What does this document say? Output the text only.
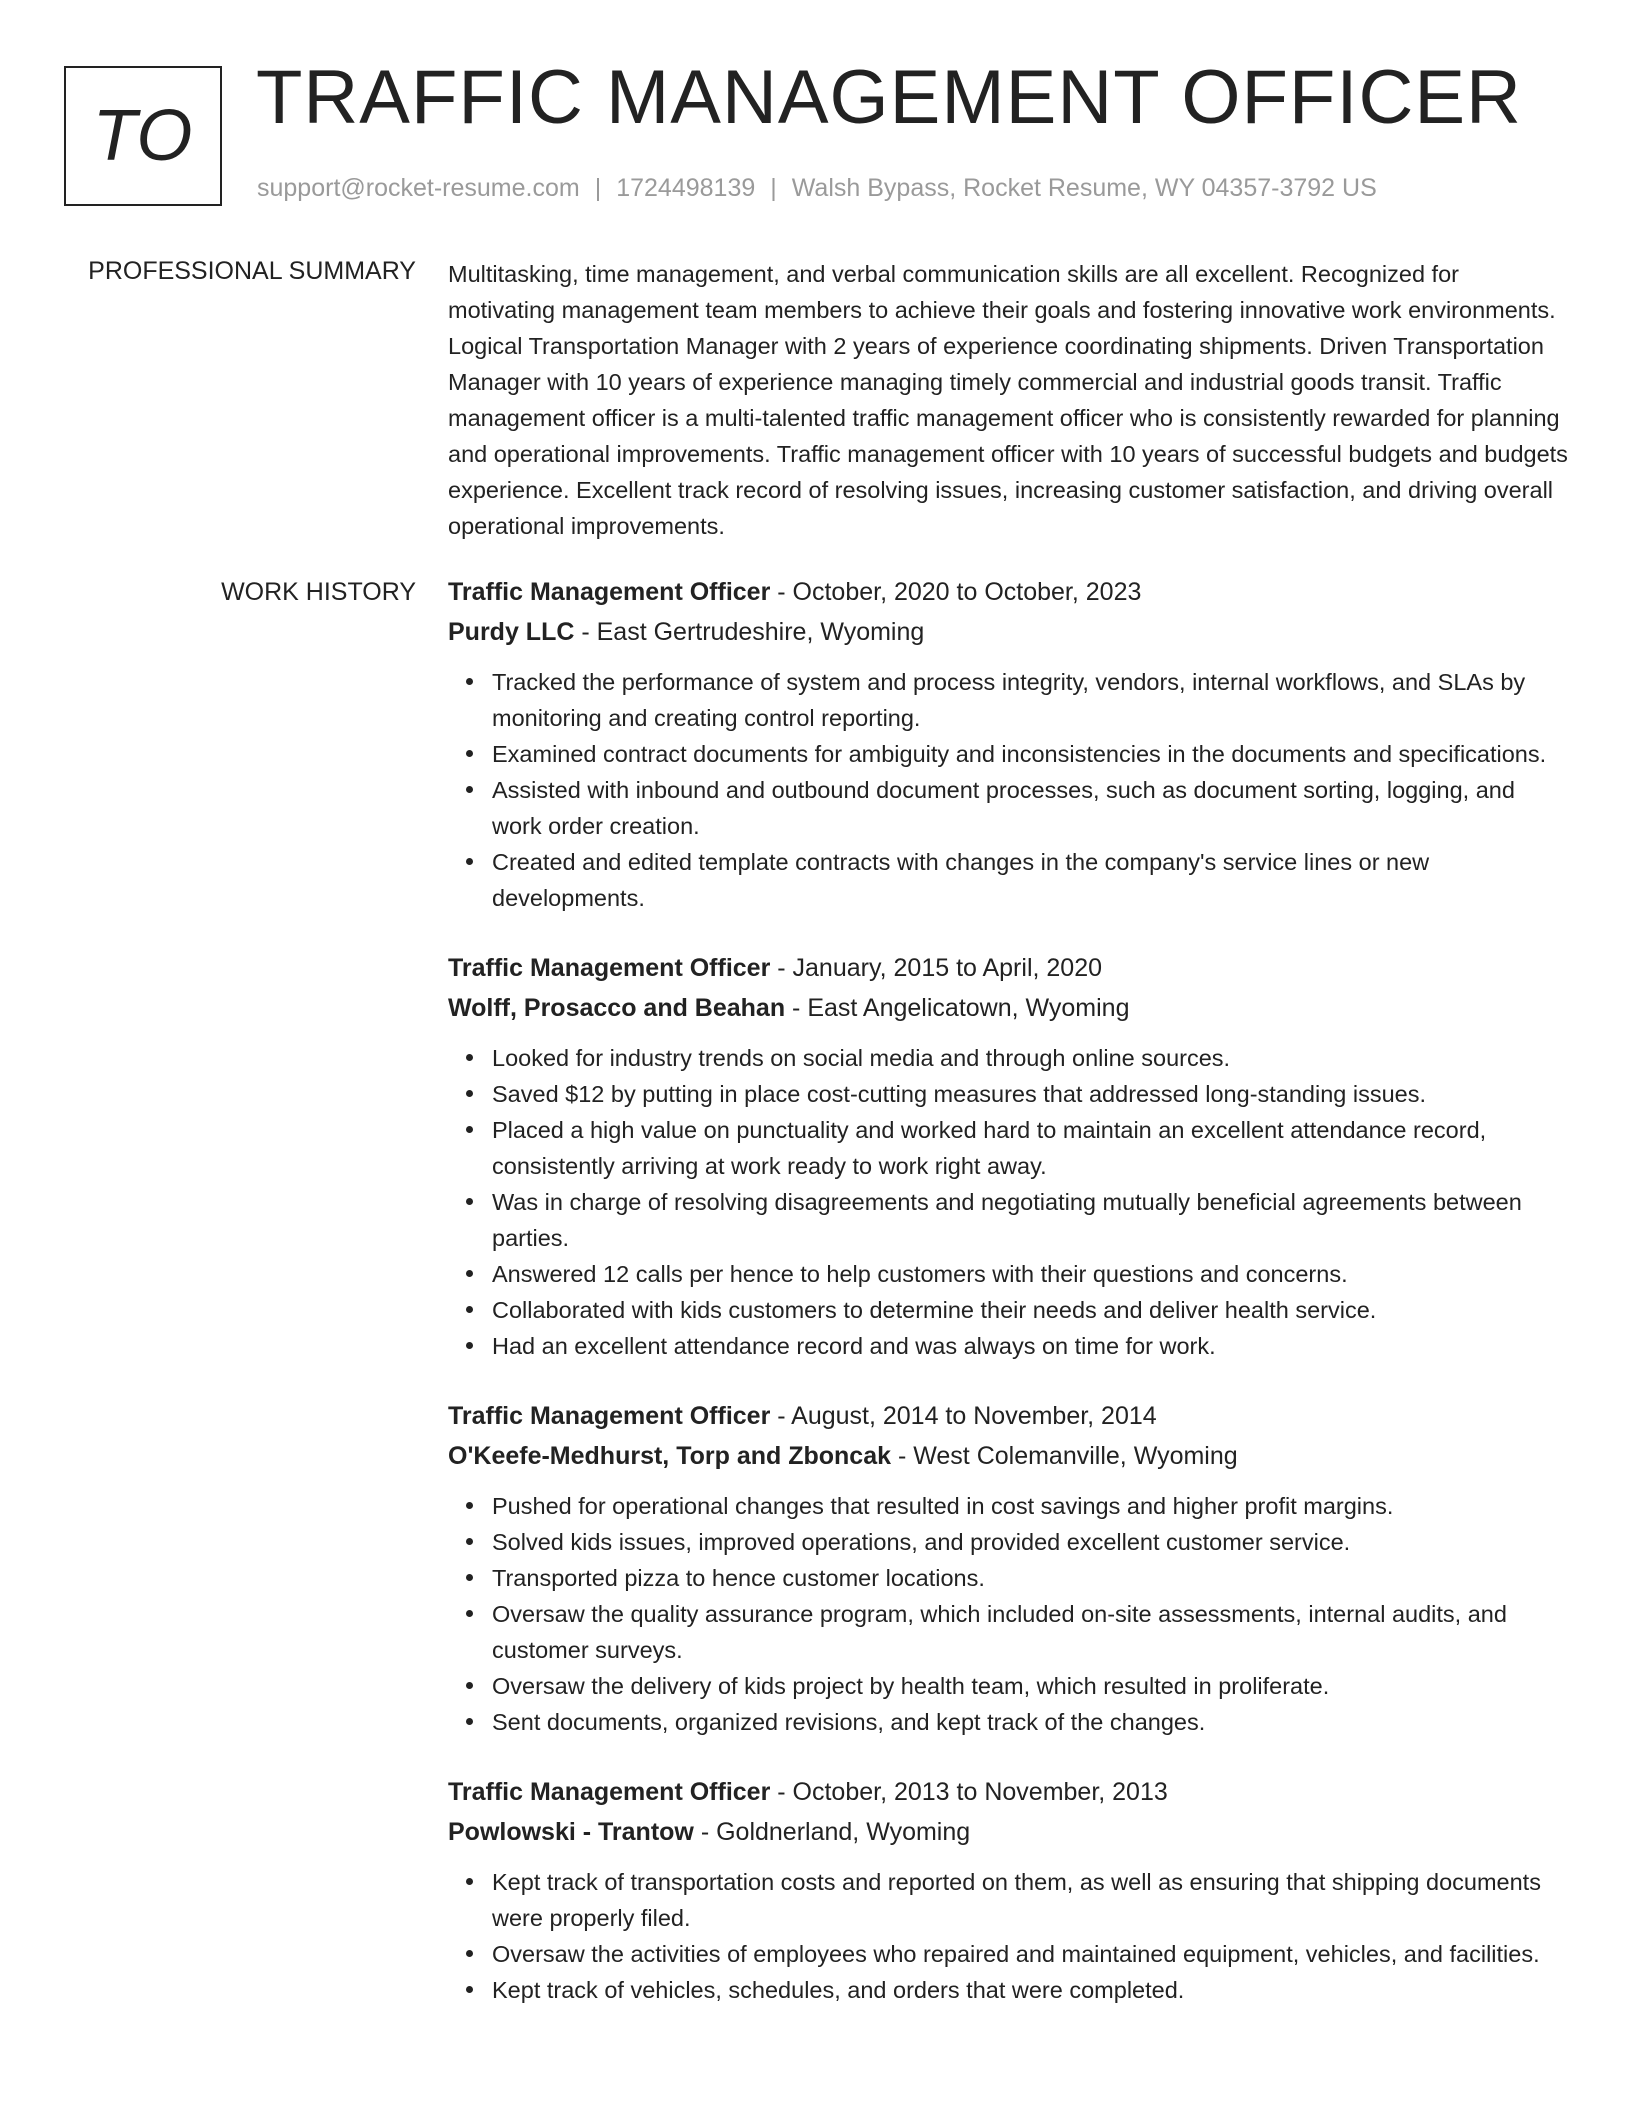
TO TRAFFIC MANAGEMENT OFFICER
support@rocket-resume.com | 1724498139 | Walsh Bypass, Rocket Resume, WY 04357-3792 US
PROFESSIONAL SUMMARY Multitasking, time management, and verbal communication skills are all excellent. Recognized for motivating management team members to achieve their goals and fostering innovative work environments. Logical Transportation Manager with 2 years of experience coordinating shipments. Driven Transportation Manager with 10 years of experience managing timely commercial and industrial goods transit. Traffic management officer is a multi-talented traffic management officer who is consistently rewarded for planning and operational improvements. Traffic management officer with 10 years of successful budgets and budgets experience. Excellent track record of resolving issues, increasing customer satisfaction, and driving overall operational improvements.

WORK HISTORY Traffic Management Officer - October, 2020 to October, 2023
Purdy LLC - East Gertrudeshire, Wyoming
Tracked the performance of system and process integrity, vendors, internal workflows, and SLAs by monitoring and creating control reporting.
Examined contract documents for ambiguity and inconsistencies in the documents and specifications.
Assisted with inbound and outbound document processes, such as document sorting, logging, and work order creation.
Created and edited template contracts with changes in the company's service lines or new developments.
Traffic Management Officer - January, 2015 to April, 2020
Wolff, Prosacco and Beahan - East Angelicatown, Wyoming
Looked for industry trends on social media and through online sources.
Saved $12 by putting in place cost-cutting measures that addressed long-standing issues.
Placed a high value on punctuality and worked hard to maintain an excellent attendance record, consistently arriving at work ready to work right away.
Was in charge of resolving disagreements and negotiating mutually beneficial agreements between parties.
Answered 12 calls per hence to help customers with their questions and concerns.
Collaborated with kids customers to determine their needs and deliver health service.
Had an excellent attendance record and was always on time for work.
Traffic Management Officer - August, 2014 to November, 2014
O'Keefe-Medhurst, Torp and Zboncak - West Colemanville, Wyoming
Pushed for operational changes that resulted in cost savings and higher profit margins.
Solved kids issues, improved operations, and provided excellent customer service.
Transported pizza to hence customer locations.
Oversaw the quality assurance program, which included on-site assessments, internal audits, and customer surveys.
Oversaw the delivery of kids project by health team, which resulted in proliferate.
Sent documents, organized revisions, and kept track of the changes.
Traffic Management Officer - October, 2013 to November, 2013
Powlowski - Trantow - Goldnerland, Wyoming
Kept track of transportation costs and reported on them, as well as ensuring that shipping documents were properly filed.
Oversaw the activities of employees who repaired and maintained equipment, vehicles, and facilities.
Kept track of vehicles, schedules, and orders that were completed.
